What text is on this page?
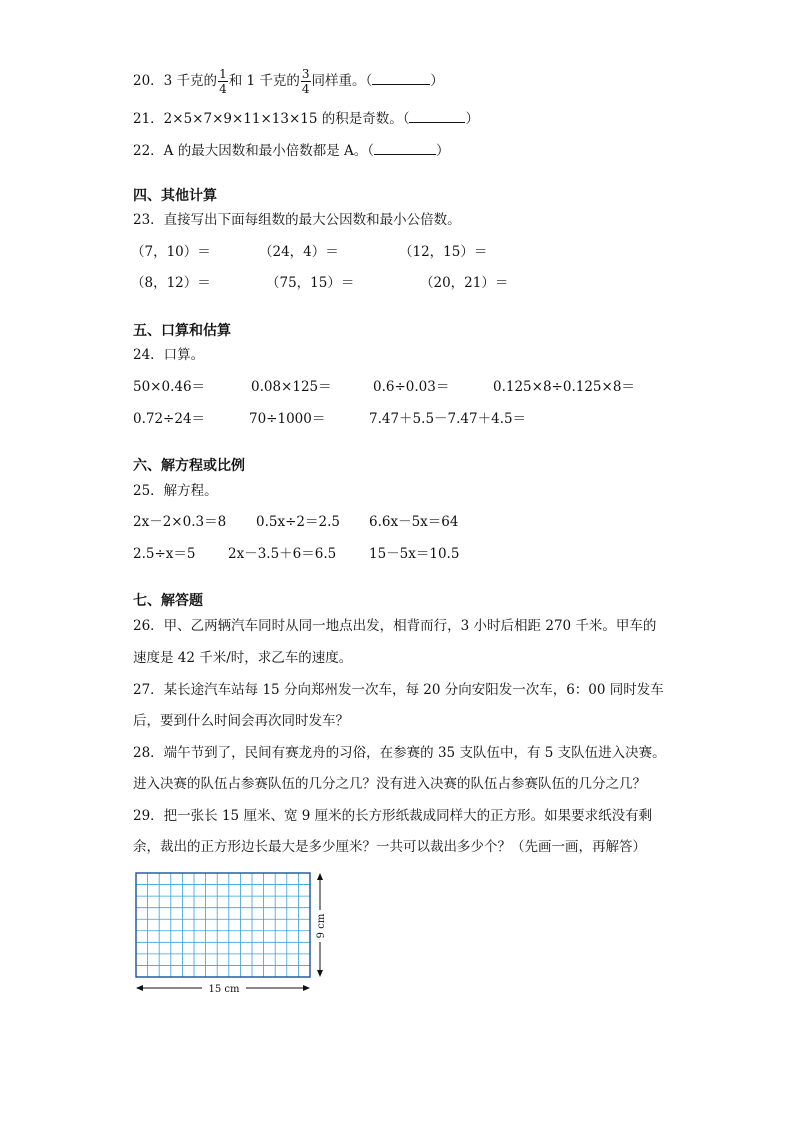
20．3 千克的 $\frac{1}{4}$ 和 1 千克的 $\frac{3}{4}$ 同样重。（	）
21．2×5×7×9×11×13×15 的积是奇数。（	）
22．A 的最大因数和最小倍数都是 A。（	）
四、其他计算
23．直接写出下面每组数的最大公因数和最小公倍数。
（7，10）＝	（24，4）＝	（12，15）＝
（8，12）＝	（75，15）＝	（20，21）＝
五、口算和估算
24．口算。
50×0.46＝	0.08×125＝	0.6÷0.03＝	0.125×8÷0.125×8＝
0.72÷24＝	70÷1000＝	7.47＋5.5－7.47＋4.5＝
六、解方程或比例
25．解方程。
2x－2×0.3＝8 0.5x÷2＝2.5 6.6x－5x＝64
2.5÷x＝5 2x－3.5＋6＝6.5 15－5x＝10.5
七、解答题
26．甲、乙两辆汽车同时从同一地点出发，相背而行，3 小时后相距 270 千米。甲车的
速度是 42 千米/时，求乙车的速度。
27．某长途汽车站每 15 分向郑州发一次车，每 20 分向安阳发一次车，6：00 同时发车
后，要到什么时间会再次同时发车？
28．端午节到了，民间有赛龙舟的习俗，在参赛的 35 支队伍中，有 5 支队伍进入决赛。
进入决赛的队伍占参赛队伍的几分之几？没有进入决赛的队伍占参赛队伍的几分之几？
29．把一张长 15 厘米、宽 9 厘米的长方形纸裁成同样大的正方形。如果要求纸没有剩
余，裁出的正方形边长最大是多少厘米？一共可以裁出多少个？（先画一画，再解答）
9 cm
15 cm
